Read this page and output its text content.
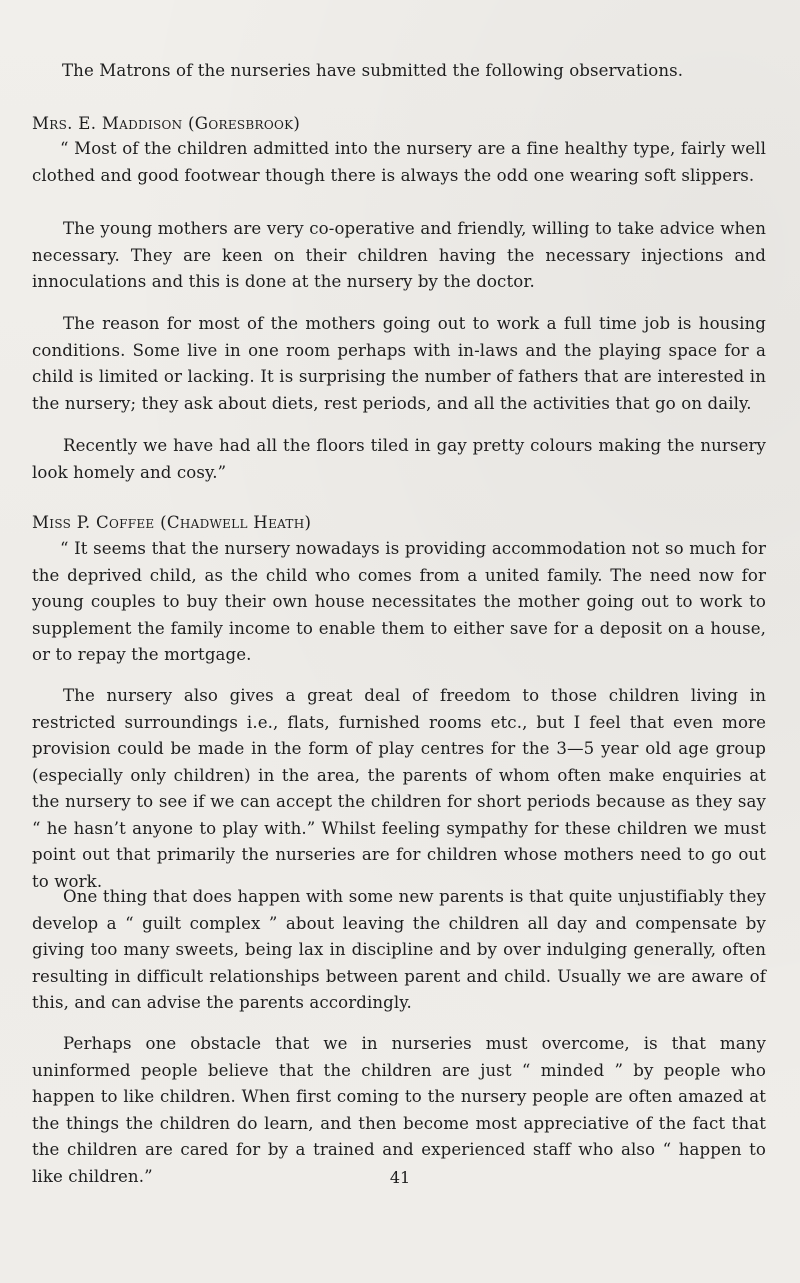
The Matrons of the nurseries have submitted the following observations.

Mrs. E. Maddison (Goresbrook)

“ Most of the children admitted into the nursery are a fine healthy type, fairly well clothed and good footwear though there is always the odd one wearing soft slippers.

The young mothers are very co-operative and friendly, willing to take advice when necessary. They are keen on their children having the necessary injections and innoculations and this is done at the nursery by the doctor.

The reason for most of the mothers going out to work a full time job is housing conditions. Some live in one room perhaps with in-laws and the playing space for a child is limited or lacking. It is surprising the number of fathers that are interested in the nursery; they ask about diets, rest periods, and all the activities that go on daily.

Recently we have had all the floors tiled in gay pretty colours making the nursery look homely and cosy.”

Miss P. Coffee (Chadwell Heath)

“ It seems that the nursery nowadays is providing accommodation not so much for the deprived child, as the child who comes from a united family. The need now for young couples to buy their own house necessitates the mother going out to work to supplement the family income to enable them to either save for a deposit on a house, or to repay the mortgage.

The nursery also gives a great deal of freedom to those children living in restricted surroundings i.e., flats, furnished rooms etc., but I feel that even more provision could be made in the form of play centres for the 3—5 year old age group (especially only children) in the area, the parents of whom often make enquiries at the nursery to see if we can accept the children for short periods because as they say “ he hasn’t anyone to play with.” Whilst feeling sympathy for these children we must point out that primarily the nurseries are for children whose mothers need to go out to work.

One thing that does happen with some new parents is that quite unjustifiably they develop a “ guilt complex ” about leaving the children all day and compensate by giving too many sweets, being lax in discipline and by over indulging generally, often resulting in difficult relationships between parent and child. Usually we are aware of this, and can advise the parents accordingly.

Perhaps one obstacle that we in nurseries must overcome, is that many uninformed people believe that the children are just “ minded ” by people who happen to like children. When first coming to the nursery people are often amazed at the things the children do learn, and then become most appreciative of the fact that the children are cared for by a trained and experienced staff who also “ happen to like children.”	41
